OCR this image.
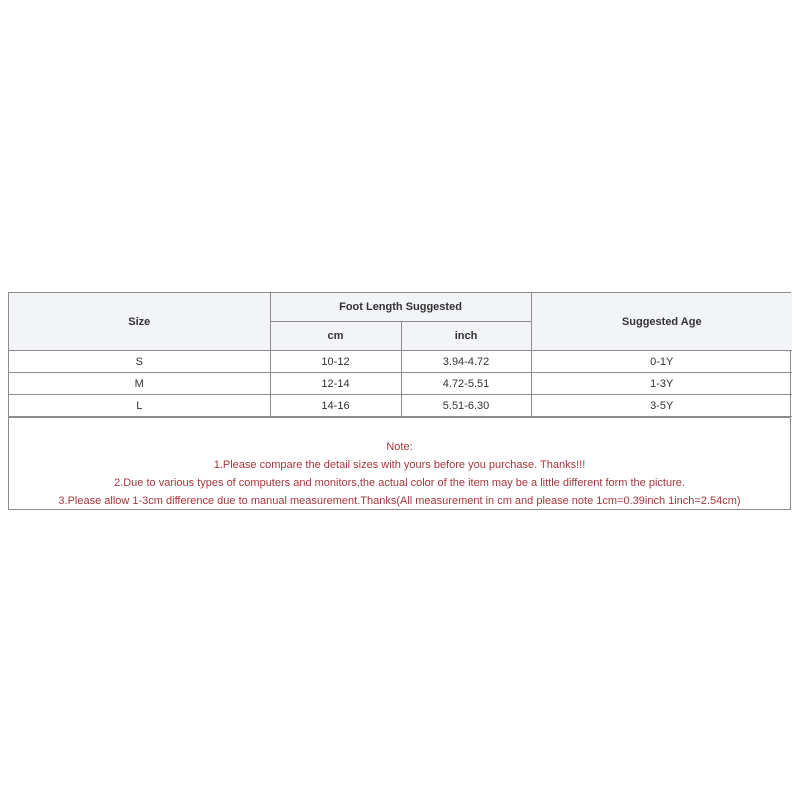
Size	Foot Length Suggested		Suggested Age
	cm	inch	
S	10-12	3.94-4.72	0-1Y
M	12-14	4.72-5.51	1-3Y
L	14-16	5.51-6.30	3-5Y
Note:
1.Please compare the detail sizes with yours before you purchase. Thanks!!!
2.Due to various types of computers and monitors,the actual color of the item may be a little different form the picture.
3.Please allow 1-3cm difference due to manual measurement.Thanks(All measurement in cm and please note 1cm=0.39inch 1inch=2.54cm)
